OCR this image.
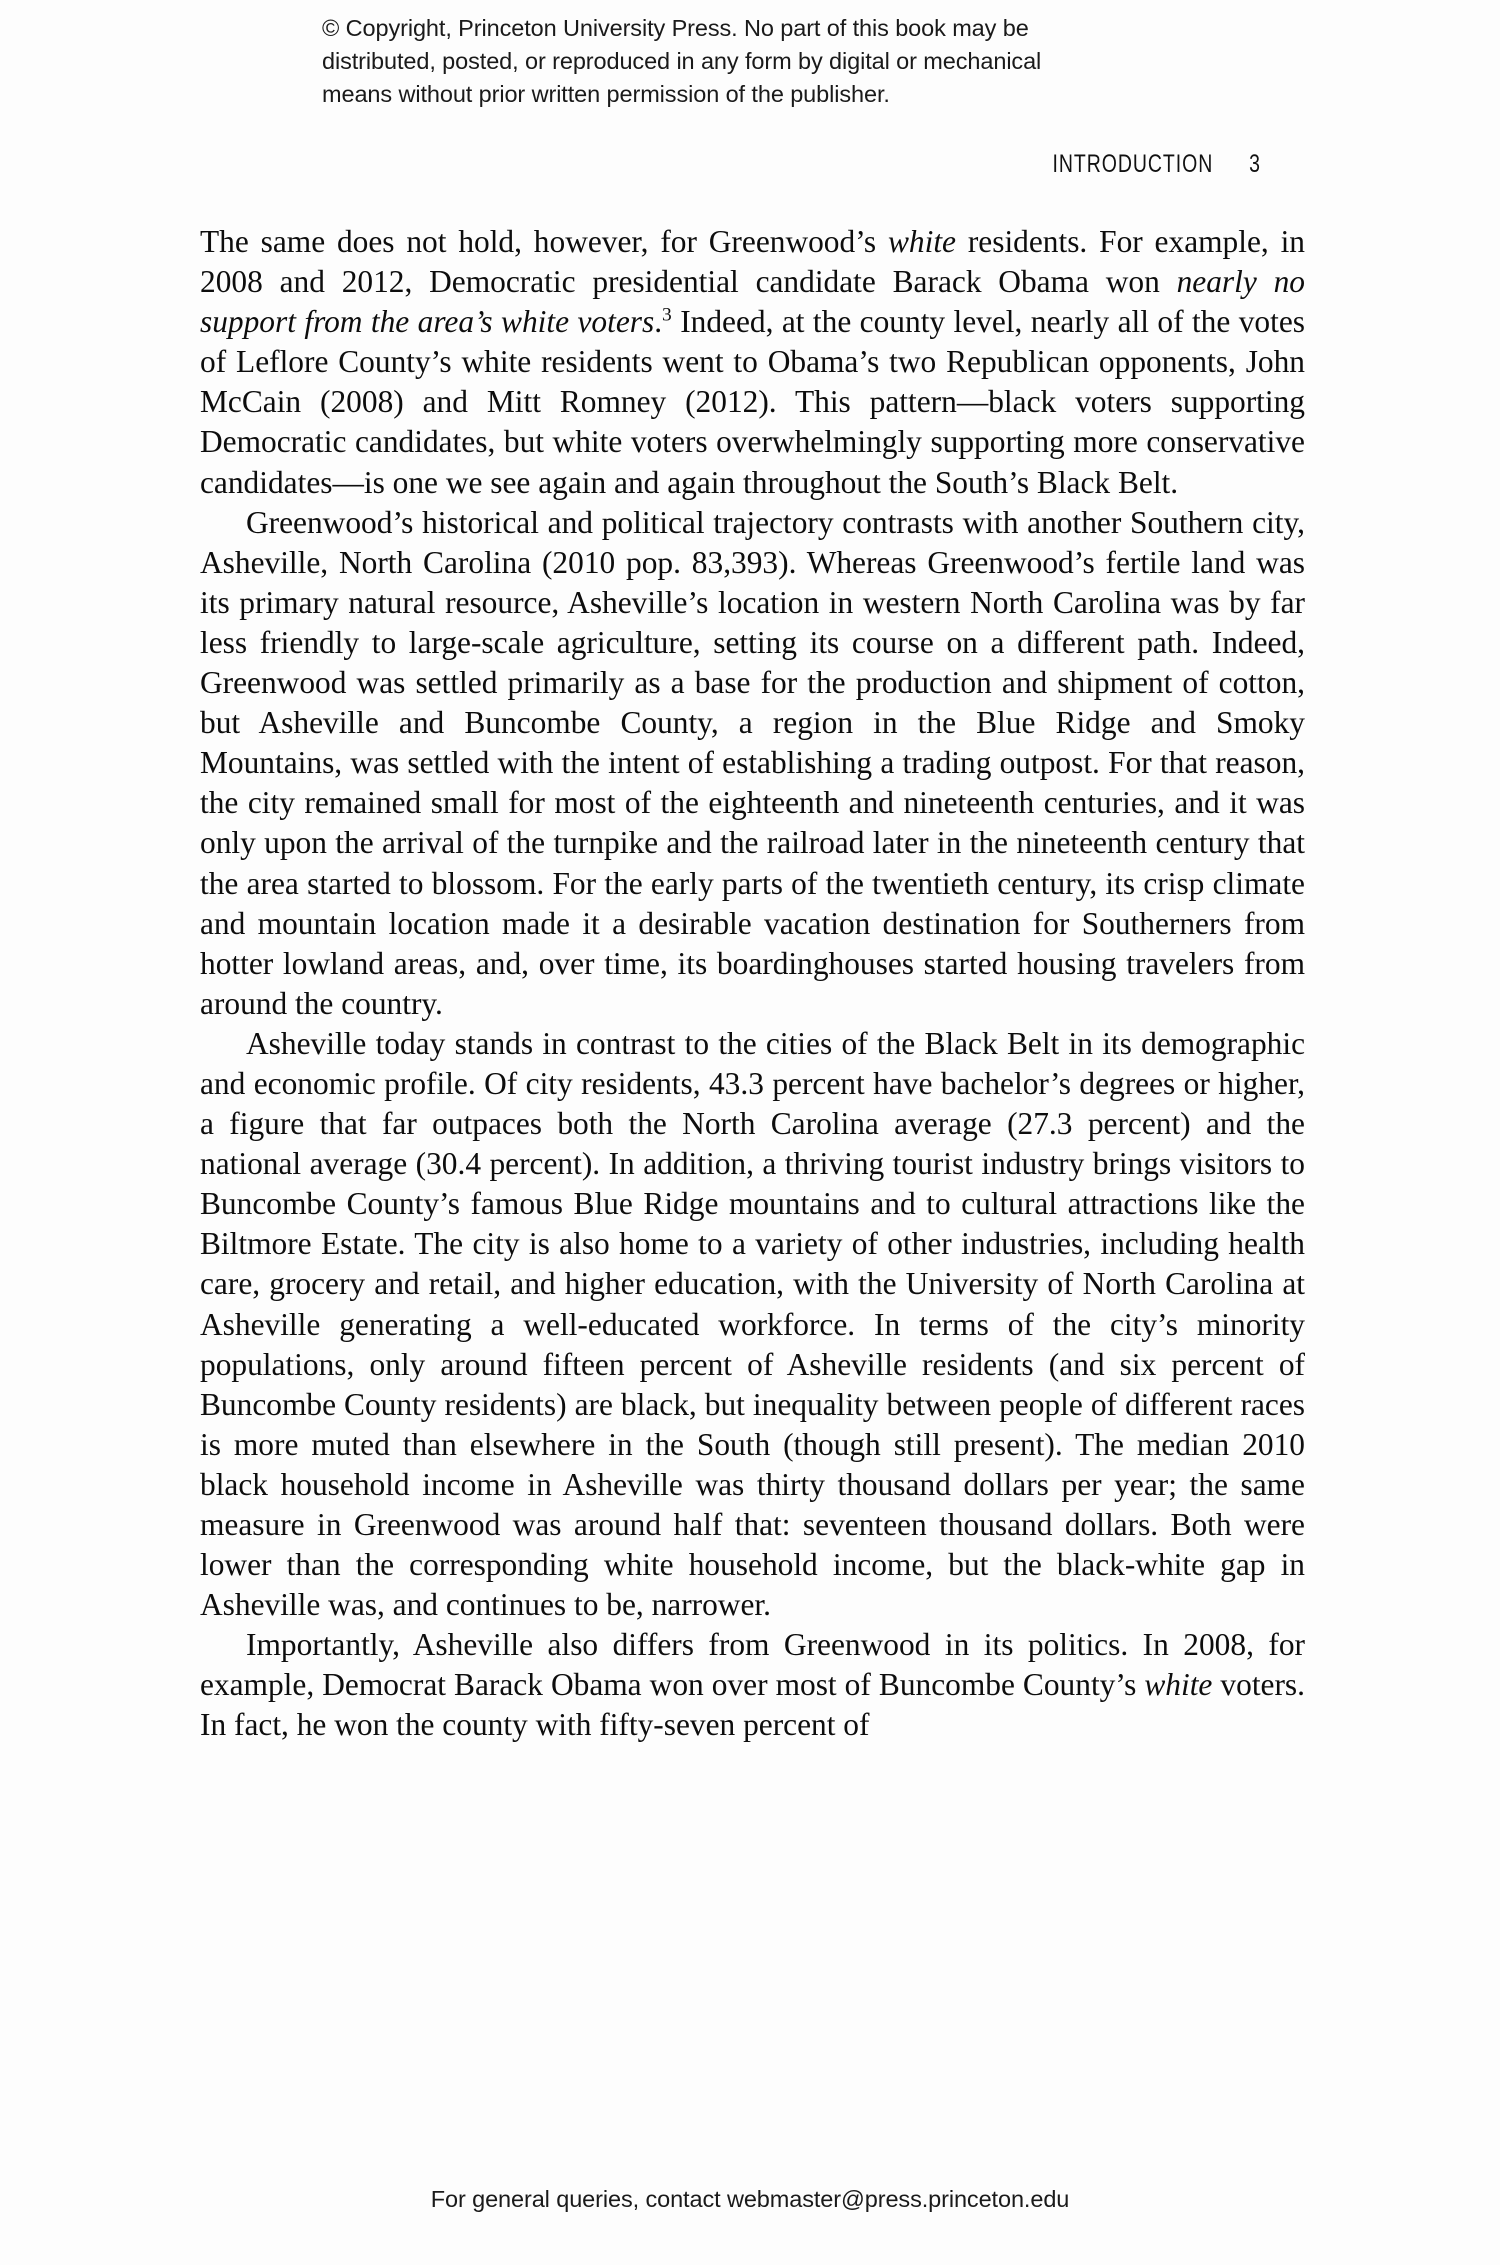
© Copyright, Princeton University Press. No part of this book may be
distributed, posted, or reproduced in any form by digital or mechanical
means without prior written permission of the publisher.
INTRODUCTION 3

The same does not hold, however, for Greenwood’s white residents. For example, in 2008 and 2012, Democratic presidential candidate Barack Obama won nearly no support from the area’s white voters.$^3$ Indeed, at the county level, nearly all of the votes of Leflore County’s white residents went to Obama’s two Republican opponents, John McCain (2008) and Mitt Romney (2012). This pattern—black voters supporting Democratic candidates, but white voters overwhelmingly supporting more conservative candidates—is one we see again and again throughout the South’s Black Belt.

Greenwood’s historical and political trajectory contrasts with another Southern city, Asheville, North Carolina (2010 pop. 83,393). Whereas Greenwood’s fertile land was its primary natural resource, Asheville’s location in western North Carolina was by far less friendly to large-scale agriculture, setting its course on a different path. Indeed, Greenwood was settled primarily as a base for the production and shipment of cotton, but Asheville and Buncombe County, a region in the Blue Ridge and Smoky Mountains, was settled with the intent of establishing a trading outpost. For that reason, the city remained small for most of the eighteenth and nineteenth centuries, and it was only upon the arrival of the turnpike and the railroad later in the nineteenth century that the area started to blossom. For the early parts of the twentieth century, its crisp climate and mountain location made it a desirable vacation destination for Southerners from hotter lowland areas, and, over time, its boardinghouses started housing travelers from around the country.

Asheville today stands in contrast to the cities of the Black Belt in its demographic and economic profile. Of city residents, 43.3 percent have bachelor’s degrees or higher, a figure that far outpaces both the North Carolina average (27.3 percent) and the national average (30.4 percent). In addition, a thriving tourist industry brings visitors to Buncombe County’s famous Blue Ridge mountains and to cultural attractions like the Biltmore Estate. The city is also home to a variety of other industries, including health care, grocery and retail, and higher education, with the University of North Carolina at Asheville generating a well-educated workforce. In terms of the city’s minority populations, only around fifteen percent of Asheville residents (and six percent of Buncombe County residents) are black, but inequality between people of different races is more muted than elsewhere in the South (though still present). The median 2010 black household income in Asheville was thirty thousand dollars per year; the same measure in Greenwood was around half that: seventeen thousand dollars. Both were lower than the corresponding white household income, but the black-white gap in Asheville was, and continues to be, narrower.

Importantly, Asheville also differs from Greenwood in its politics. In 2008, for example, Democrat Barack Obama won over most of Buncombe County’s white voters. In fact, he won the county with fifty-seven percent of

For general queries, contact webmaster@press.princeton.edu
